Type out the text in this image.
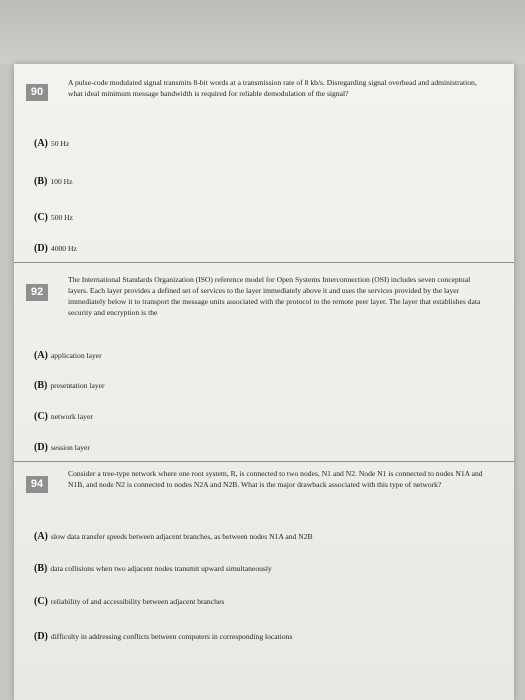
90
A pulse-code modulated signal transmits 8-bit words at a transmission rate of 8 kb/s. Disregarding signal overhead and administration, what ideal minimum message bandwidth is required for reliable demodulation of the signal?
(A) 50 Hz
(B) 100 Hz
(C) 500 Hz
(D) 4000 Hz
92
The International Standards Organization (ISO) reference model for Open Systems Interconnection (OSI) includes seven conceptual layers. Each layer provides a defined set of services to the layer immediately above it and uses the services provided by the layer immediately below it to transport the message units associated with the protocol to the remote peer layer. The layer that establishes data security and encryption is the
(A) application layer
(B) presentation layer
(C) network layer
(D) session layer
94
Consider a tree-type network where one root system, R, is connected to two nodes, N1 and N2. Node N1 is connected to nodes N1A and N1B, and node N2 is connected to nodes N2A and N2B. What is the major drawback associated with this type of network?
(A) slow data transfer speeds between adjacent branches, as between nodes N1A and N2B
(B) data collisions when two adjacent nodes transmit upward simultaneously
(C) reliability of and accessibility between adjacent branches
(D) difficulty in addressing conflicts between computers in corresponding locations
